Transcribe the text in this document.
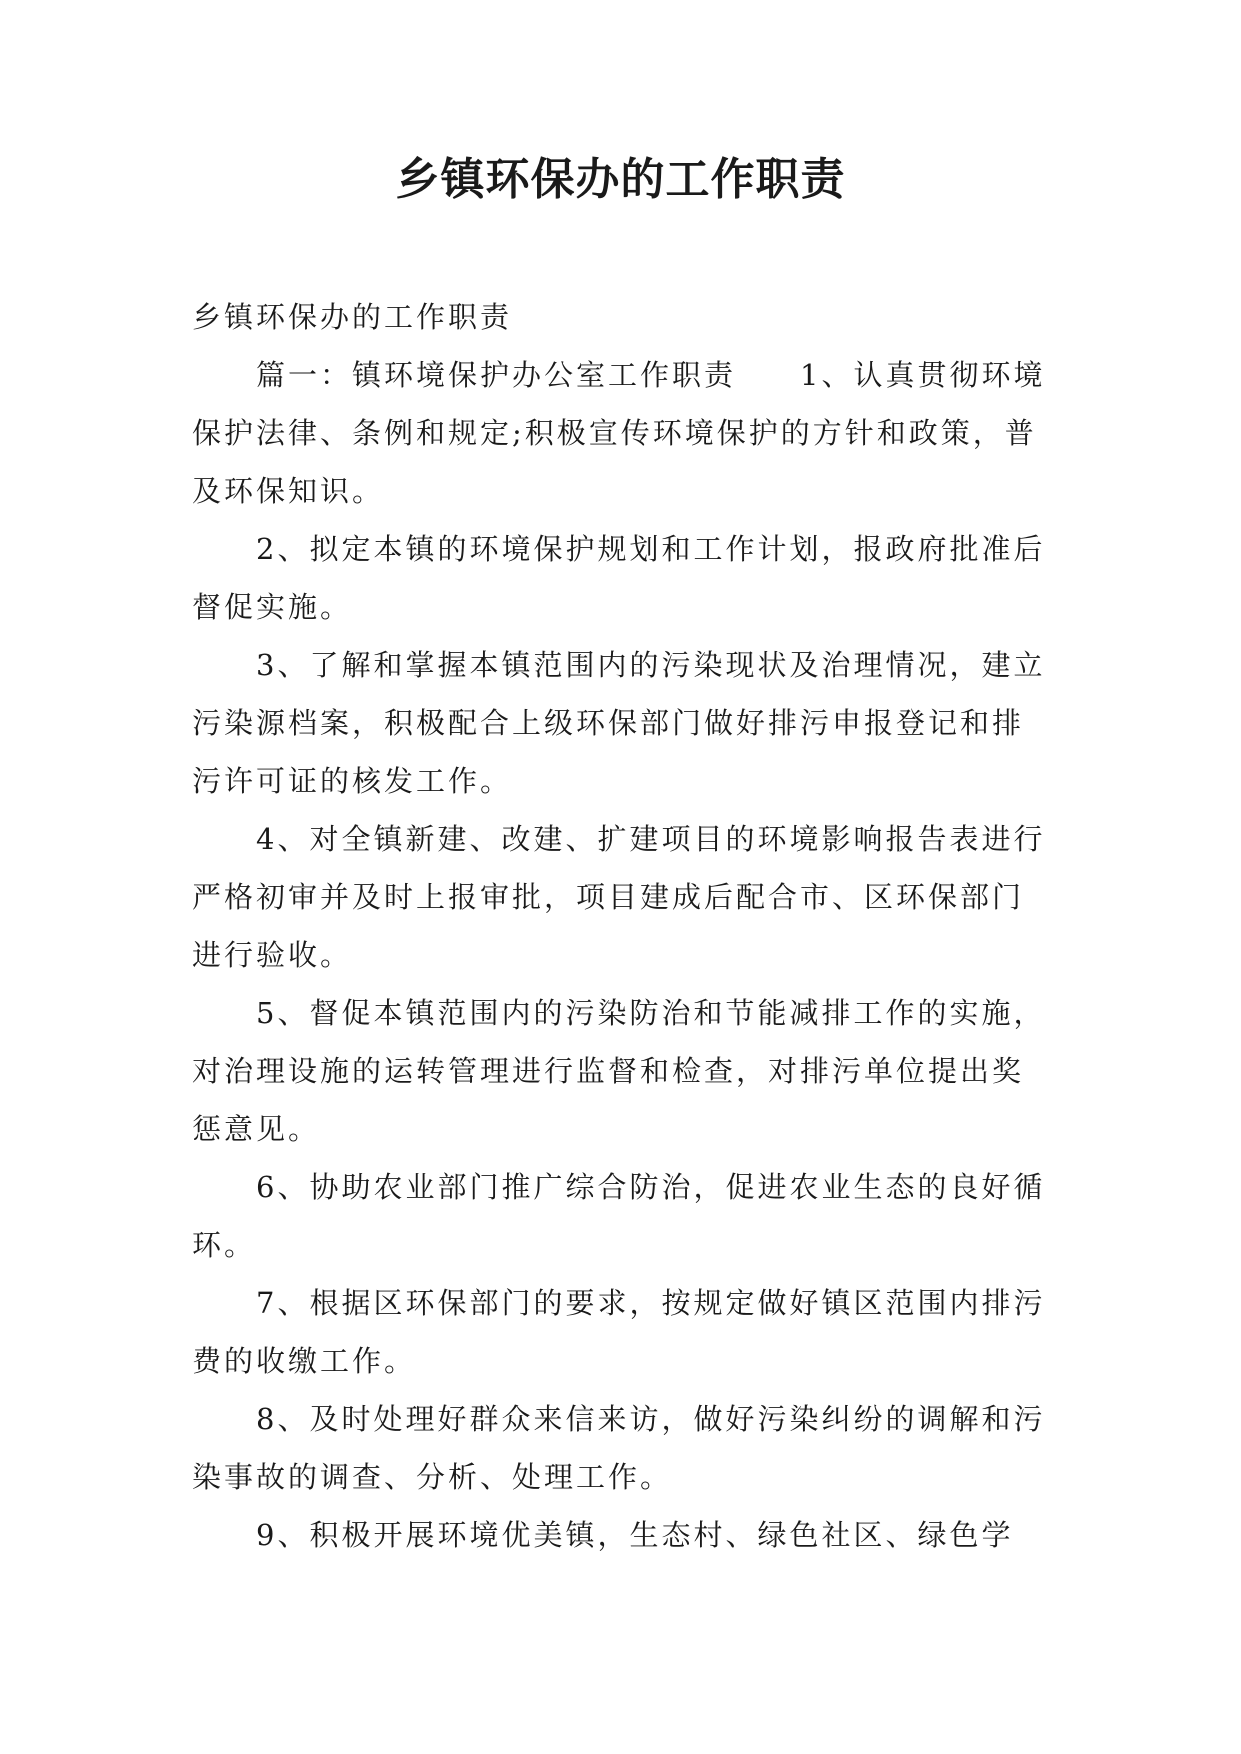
乡镇环保办的工作职责

乡镇环保办的工作职责

篇一：镇环境保护办公室工作职责 1、认真贯彻环境保护法律、条例和规定;积极宣传环境保护的方针和政策，普及环保知识。

2、拟定本镇的环境保护规划和工作计划，报政府批准后督促实施。

3、了解和掌握本镇范围内的污染现状及治理情况，建立污染源档案，积极配合上级环保部门做好排污申报登记和排污许可证的核发工作。

4、对全镇新建、改建、扩建项目的环境影响报告表进行严格初审并及时上报审批，项目建成后配合市、区环保部门进行验收。

5、督促本镇范围内的污染防治和节能减排工作的实施，对治理设施的运转管理进行监督和检查，对排污单位提出奖惩意见。

6、协助农业部门推广综合防治，促进农业生态的良好循环。

7、根据区环保部门的要求，按规定做好镇区范围内排污费的收缴工作。

8、及时处理好群众来信来访，做好污染纠纷的调解和污染事故的调查、分析、处理工作。

9、积极开展环境优美镇，生态村、绿色社区、绿色学
